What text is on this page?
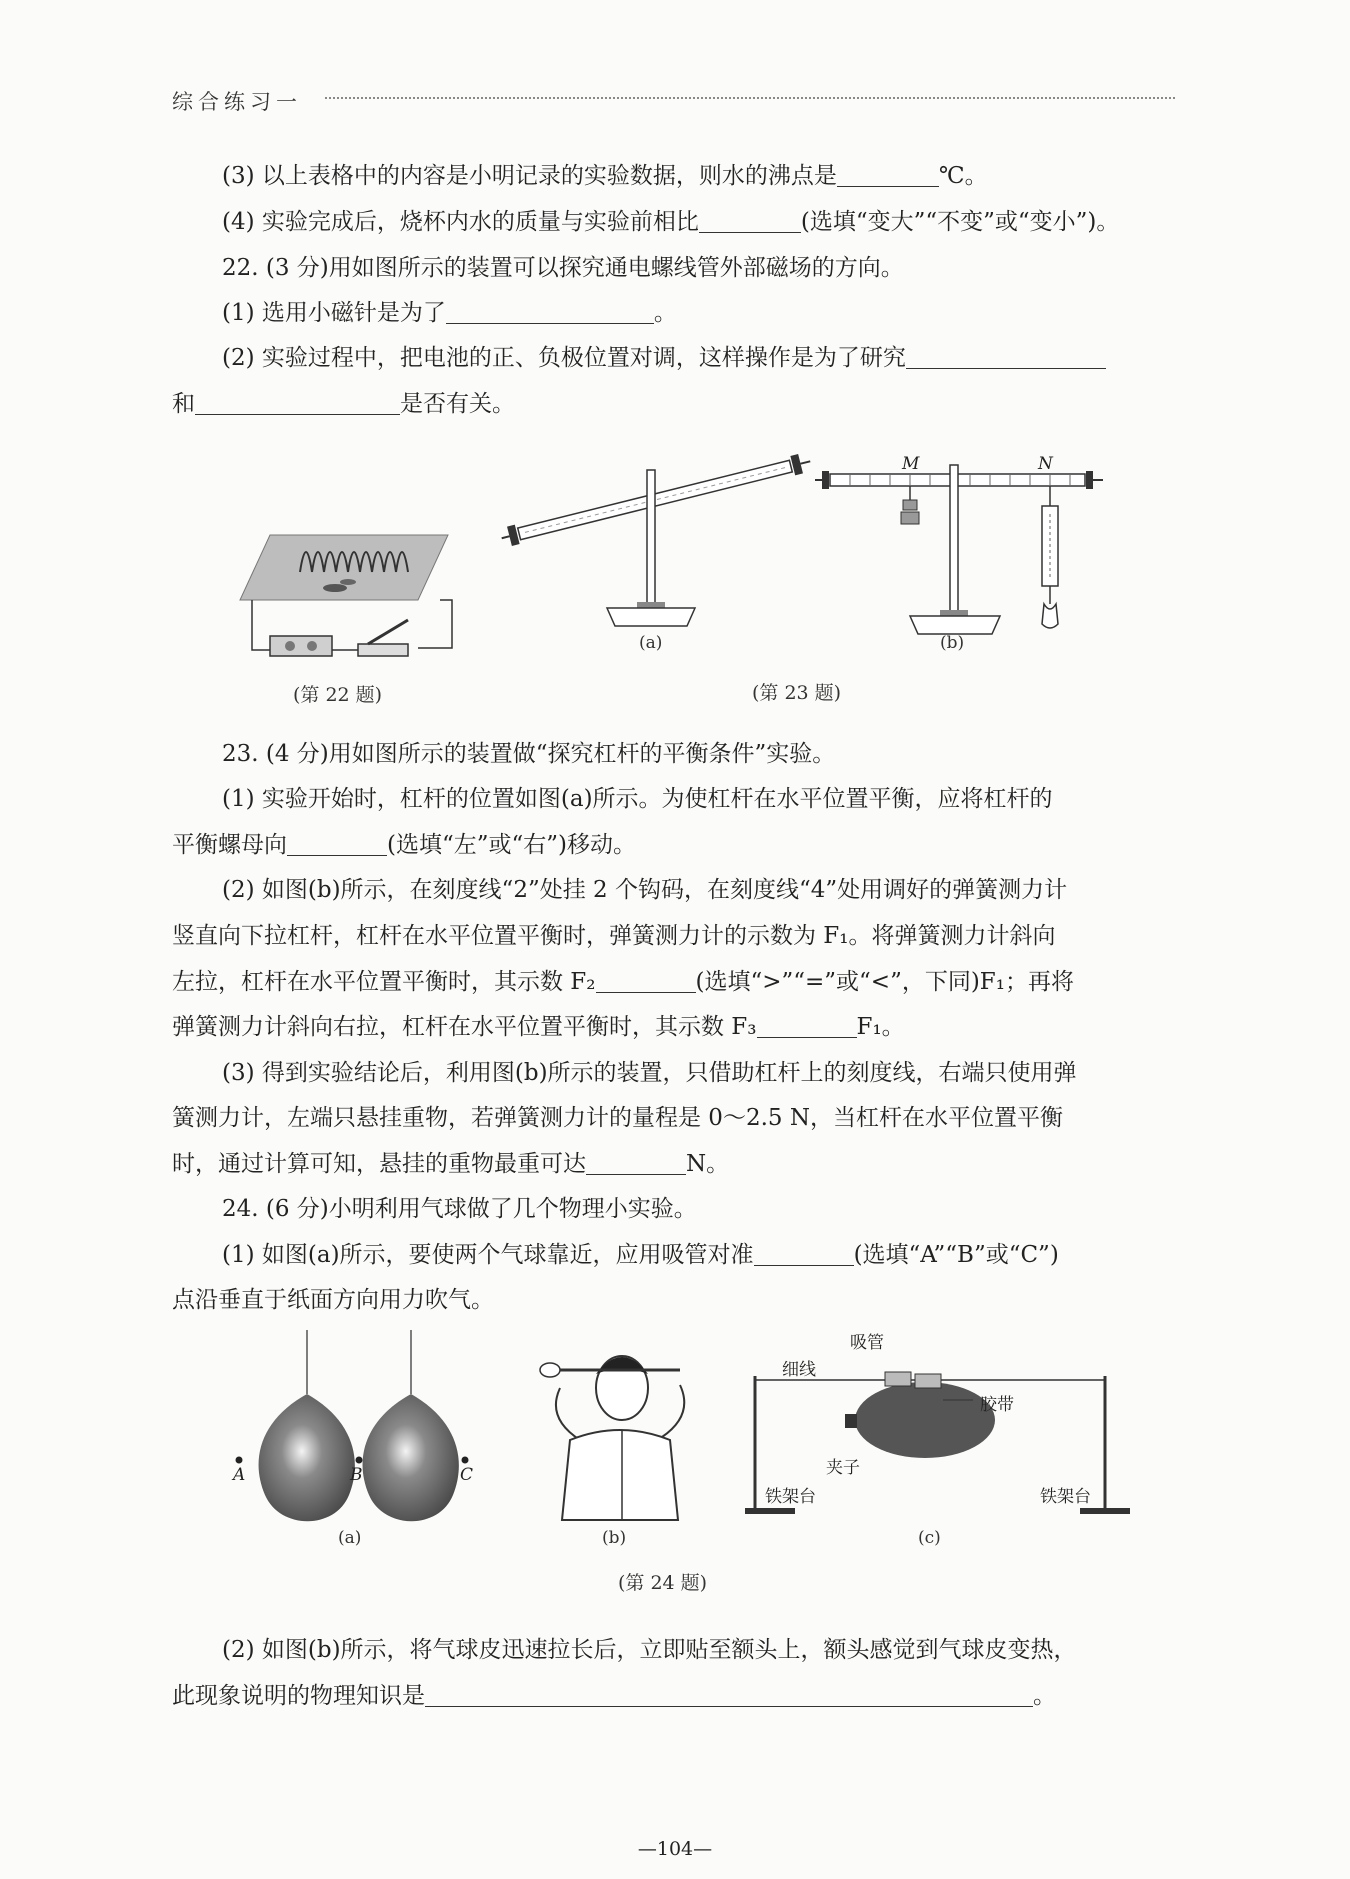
综合练习一
(3) 以上表格中的内容是小明记录的实验数据，则水的沸点是	℃。
(4) 实验完成后，烧杯内水的质量与实验前相比	(选填“变大”“不变”或“变小”)。
22. (3 分)用如图所示的装置可以探究通电螺线管外部磁场的方向。
(1) 选用小磁针是为了	。
(2) 实验过程中，把电池的正、负极位置对调，这样操作是为了研究
和	是否有关。
(第 22 题)
(a)
M	N
(b)
(第 23 题)
23. (4 分)用如图所示的装置做“探究杠杆的平衡条件”实验。
(1) 实验开始时，杠杆的位置如图(a)所示。为使杠杆在水平位置平衡，应将杠杆的
平衡螺母向	(选填“左”或“右”)移动。
(2) 如图(b)所示，在刻度线“2”处挂 2 个钩码，在刻度线“4”处用调好的弹簧测力计
竖直向下拉杠杆，杠杆在水平位置平衡时，弹簧测力计的示数为 F₁。将弹簧测力计斜向
左拉，杠杆在水平位置平衡时，其示数 F₂	(选填“>”“=”或“<”，下同)F₁；再将
弹簧测力计斜向右拉，杠杆在水平位置平衡时，其示数 F₃	F₁。
(3) 得到实验结论后，利用图(b)所示的装置，只借助杠杆上的刻度线，右端只使用弹
簧测力计，左端只悬挂重物，若弹簧测力计的量程是 0～2.5 N，当杠杆在水平位置平衡
时，通过计算可知，悬挂的重物最重可达	N。
24. (6 分)小明利用气球做了几个物理小实验。
(1) 如图(a)所示，要使两个气球靠近，应用吸管对准	(选填“A”“B”或“C”)
点沿垂直于纸面方向用力吹气。
A	B	C
(a)	(b)
吸管
细线
胶带
夹子
铁架台	铁架台
(c)
(第 24 题)
(2) 如图(b)所示，将气球皮迅速拉长后，立即贴至额头上，额头感觉到气球皮变热，
此现象说明的物理知识是	。
—104—
